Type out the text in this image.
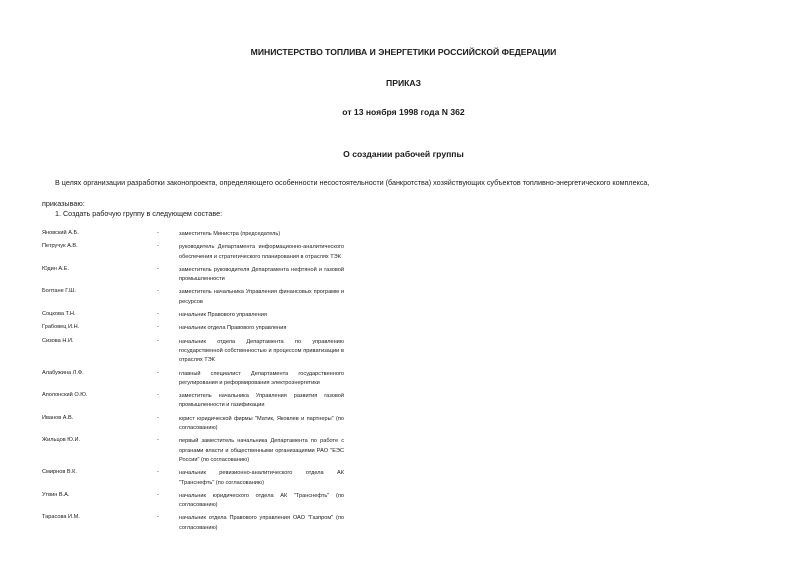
МИНИСТЕРСТВО ТОПЛИВА И ЭНЕРГЕТИКИ РОССИЙСКОЙ ФЕДЕРАЦИИ
ПРИКАЗ
от 13 ноября 1998 года N 362
О создании рабочей группы
В целях организации разработки законопроекта, определяющего особенности несостоятельности (банкротства) хозяйствующих субъектов топливно-энергетического комплекса,
приказываю:
1. Создать рабочую группу в следующем составе:
Яновский А.Б.	-	заместитель Министра (председатель)
Петручук А.В.	-	руководитель Департамента информационно-аналитического обеспечения и стратегического планирования в отраслях ТЭК
Юдин А.Е.	-	заместитель руководителя Департамента нефтяной и газовой промышленности
Болтане Г.Ш.	-	заместитель начальника Управления финансовых программ и ресурсов
Соцкова Т.Н.	-	начальник Правового управления
Грабовец И.Н.	-	начальник отдела Правового управления
Сизова Н.И.	-	начальник отдела Департамента по управлению государственной собственностью и процессом приватизации в отраслях ТЭК
Алабужина Л.Ф.	-	главный специалист Департамента государственного регулирования и реформирования электроэнергетики
Аполонский О.Ю.	-	заместитель начальника Управления развития газовой промышленности и газификации
Иванов А.В.	-	юрист юридической фирмы "Матик, Яковлев и партнеры" (по согласованию)
Жильцов Ю.И.	-	первый заместитель начальника Департамента по работе с органами власти и общественными организациями РАО "ЕЭС России" (по согласованию)
Смирнов В.К.	-	начальник ревизионно-аналитического отдела АК "Транснефть" (по согласованию)
Утвин В.А.	-	начальник юридического отдела АК "Транснефть" (по согласованию)
Тарасова И.М.	-	начальник отдела Правового управления ОАО "Газпром" (по согласованию)
